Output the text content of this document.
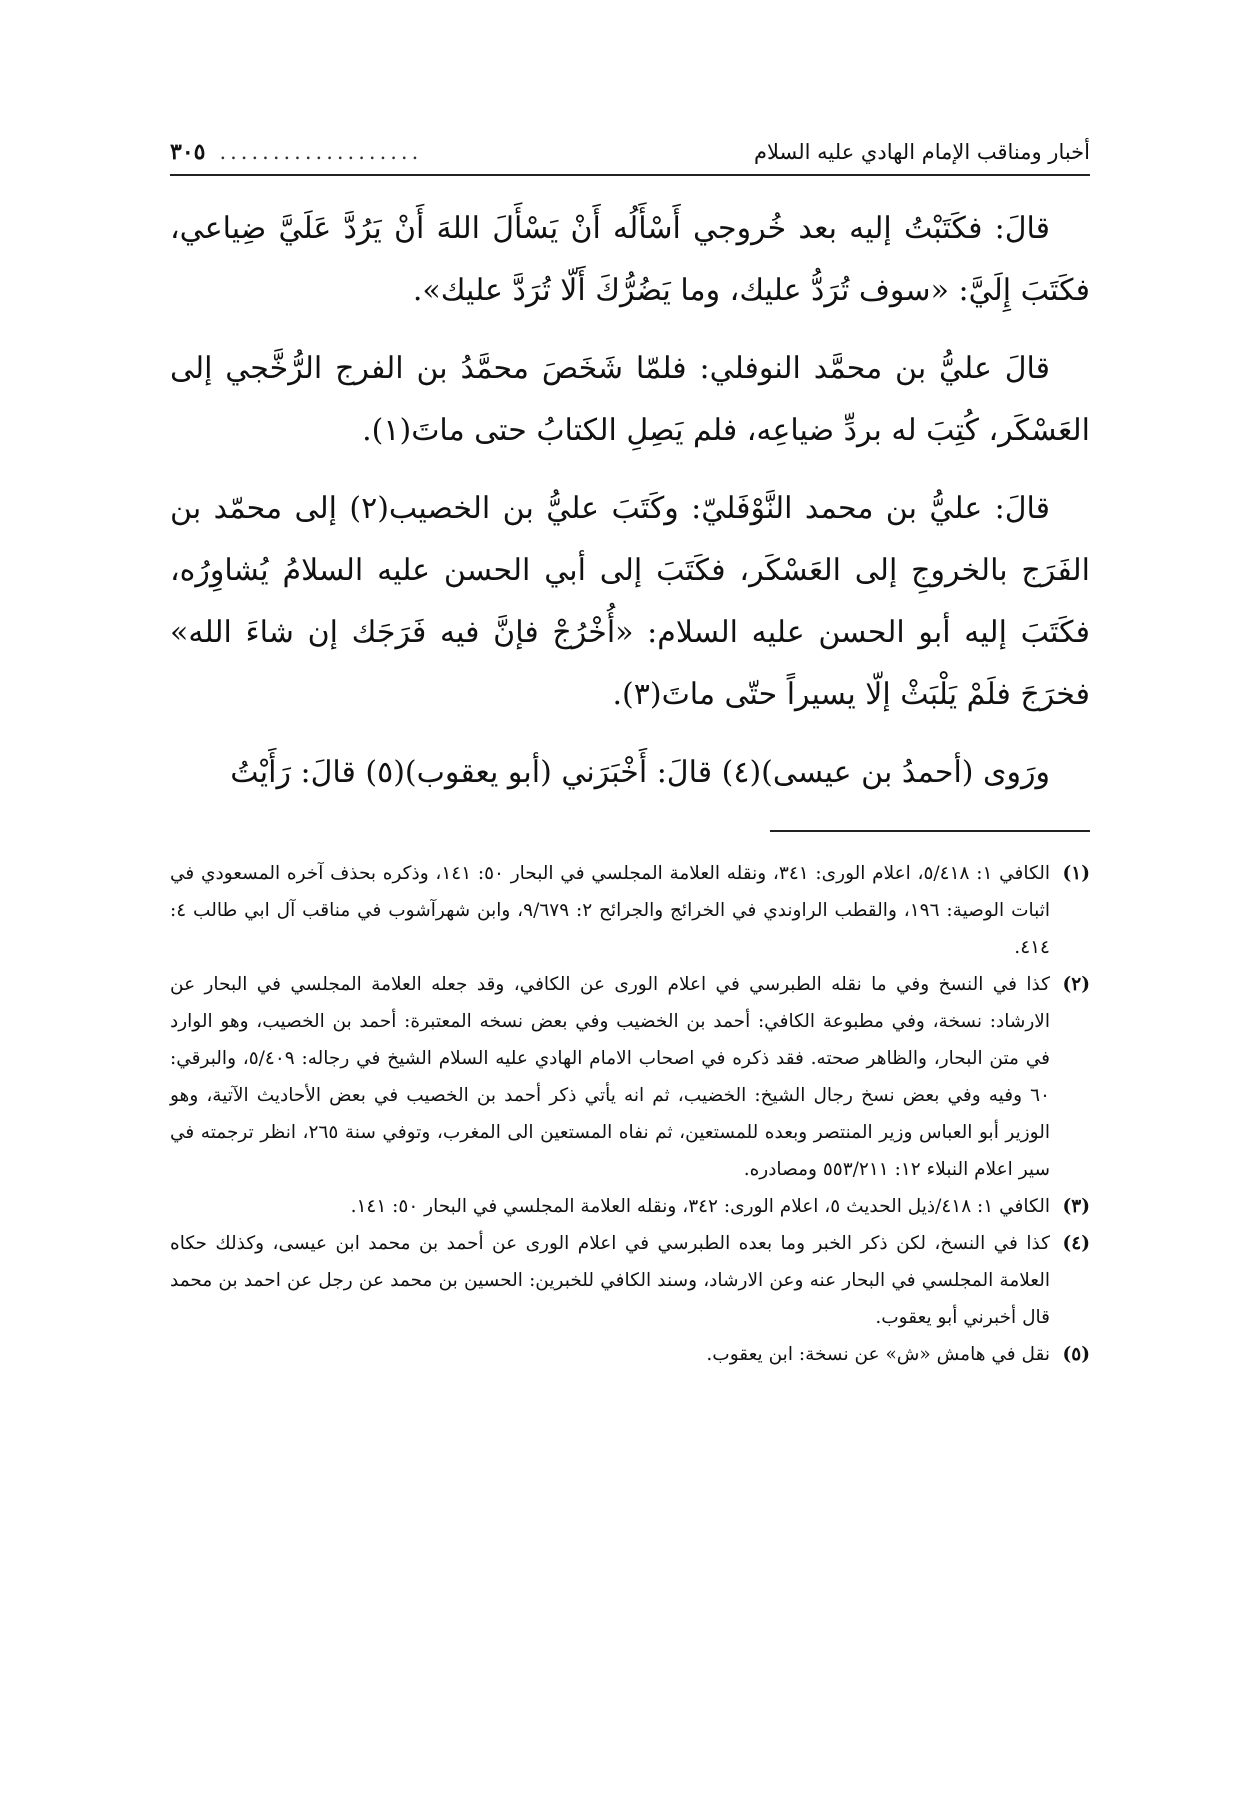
أخبار ومناقب الإمام الهادي عليه السلام
...................
٣٠٥

قالَ: فكَتَبْتُ إليه بعد خُروجي أَسْأَلُه أَنْ يَسْأَلَ اللهَ أَنْ يَرُدَّ عَلَيَّ ضِياعي، فكَتَبَ إِلَيَّ: «سوف تُرَدُّ عليك، وما يَضُرُّكَ أَلّا تُرَدَّ عليك».

قالَ عليُّ بن محمَّد النوفلي: فلمّا شَخَصَ محمَّدُ بن الفرج الرُّخَّجي إلى العَسْكَر، كُتِبَ له بردِّ ضياعِه، فلم يَصِلِ الكتابُ حتى ماتَ(١).

قالَ: عليُّ بن محمد النَّوْفَليّ: وكَتَبَ عليُّ بن الخصيب(٢) إلى محمّد بن الفَرَج بالخروجِ إلى العَسْكَر، فكَتَبَ إلى أبي الحسن عليه السلامُ يُشاوِرُه، فكَتَبَ إليه أبو الحسن عليه السلام: «أُخْرُجْ فإنَّ فيه فَرَجَك إن شاءَ الله» فخرَجَ فلَمْ يَلْبَثْ إلّا يسيراً حتّى ماتَ(٣).

ورَوى (أحمدُ بن عيسى)(٤) قالَ: أَخْبَرَني (أبو يعقوب)(٥) قالَ: رَأَيْتُ

(١)
الكافي ١: ٥/٤١٨، اعلام الورى: ٣٤١، ونقله العلامة المجلسي في البحار ٥٠: ١٤١، وذكره بحذف آخره المسعودي في اثبات الوصية: ١٩٦، والقطب الراوندي في الخرائج والجرائح ٢: ٩/٦٧٩، وابن شهرآشوب في مناقب آل ابي طالب ٤: ٤١٤.
(٢)
كذا في النسخ وفي ما نقله الطبرسي في اعلام الورى عن الكافي، وقد جعله العلامة المجلسي في البحار عن الارشاد: نسخة، وفي مطبوعة الكافي: أحمد بن الخضيب وفي بعض نسخه المعتبرة: أحمد بن الخصيب، وهو الوارد في متن البحار، والظاهر صحته. فقد ذكره في اصحاب الامام الهادي عليه السلام الشيخ في رجاله: ٥/٤٠٩، والبرقي: ٦٠ وفيه وفي بعض نسخ رجال الشيخ: الخضيب، ثم انه يأتي ذكر أحمد بن الخصيب في بعض الأحاديث الآتية، وهو الوزير أبو العباس وزير المنتصر وبعده للمستعين، ثم نفاه المستعين الى المغرب، وتوفي سنة ٢٦٥، انظر ترجمته في سير اعلام النبلاء ١٢: ٥٥٣/٢١١ ومصادره.
(٣)
الكافي ١: ٤١٨/ذيل الحديث ٥، اعلام الورى: ٣٤٢، ونقله العلامة المجلسي في البحار ٥٠: ١٤١.
(٤)
كذا في النسخ، لكن ذكر الخبر وما بعده الطبرسي في اعلام الورى عن أحمد بن محمد ابن عيسى، وكذلك حكاه العلامة المجلسي في البحار عنه وعن الارشاد، وسند الكافي للخبرين: الحسين بن محمد عن رجل عن احمد بن محمد قال أخبرني أبو يعقوب.
(٥)
نقل في هامش «ش» عن نسخة: ابن يعقوب.
